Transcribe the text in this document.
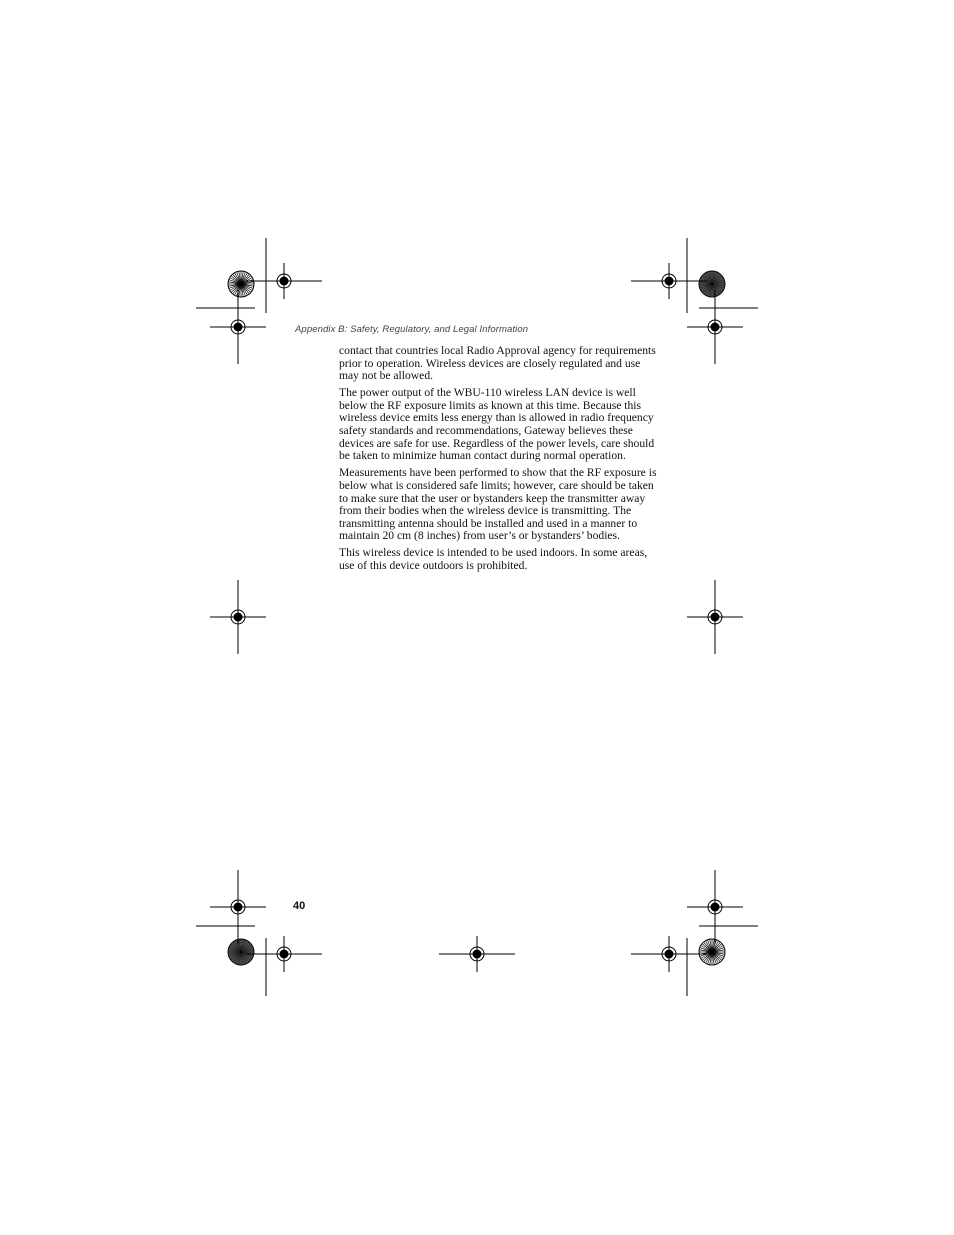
Appendix B: Safety, Regulatory, and Legal Information

contact that countries local Radio Approval agency for requirements prior to operation. Wireless devices are closely regulated and use may not be allowed.

The power output of the WBU-110 wireless LAN device is well below the RF exposure limits as known at this time. Because this wireless device emits less energy than is allowed in radio frequency safety standards and recommendations, Gateway believes these devices are safe for use. Regardless of the power levels, care should be taken to minimize human contact during normal operation.

Measurements have been performed to show that the RF exposure is below what is considered safe limits; however, care should be taken to make sure that the user or bystanders keep the transmitter away from their bodies when the wireless device is transmitting. The transmitting antenna should be installed and used in a manner to maintain 20 cm (8 inches) from user’s or bystanders’ bodies.

This wireless device is intended to be used indoors. In some areas, use of this device outdoors is prohibited.

40
